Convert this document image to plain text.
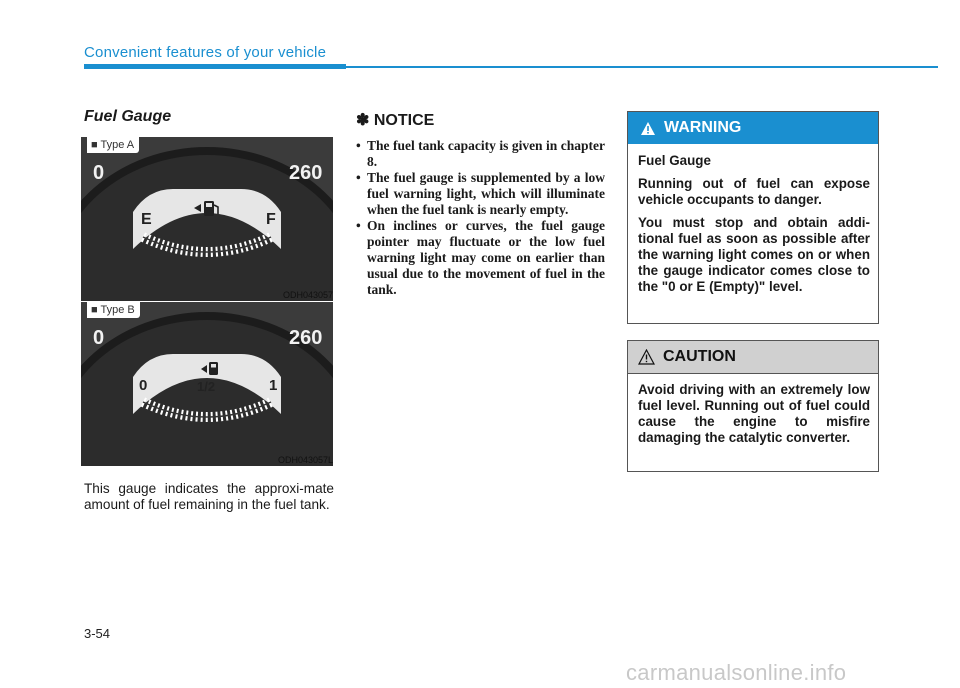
Convenient features of your vehicle
Fuel Gauge
E	F
0	260
■ Type A
ODH043057
0	1/2	1
0	260
■ Type B
ODH043057L
This gauge indicates the approxi-mate amount of fuel remaining in the fuel tank.
✽ NOTICE
• The fuel tank capacity is given in chapter 8.
• The fuel gauge is supplemented by a low fuel warning light, which will illuminate when the fuel tank is nearly empty.
• On inclines or curves, the fuel gauge pointer may fluctuate or the low fuel warning light may come on earlier than usual due to the movement of fuel in the tank.
WARNING

Fuel Gauge

Running out of fuel can expose vehicle occupants to danger.

You must stop and obtain addi-tional fuel as soon as possible after the warning light comes on or when the gauge indicator comes close to the "0 or E (Empty)" level.

CAUTION
Avoid driving with an extremely low fuel level. Running out of fuel could cause the engine to misfire damaging the catalytic converter.
3-54
carmanualsonline.info
